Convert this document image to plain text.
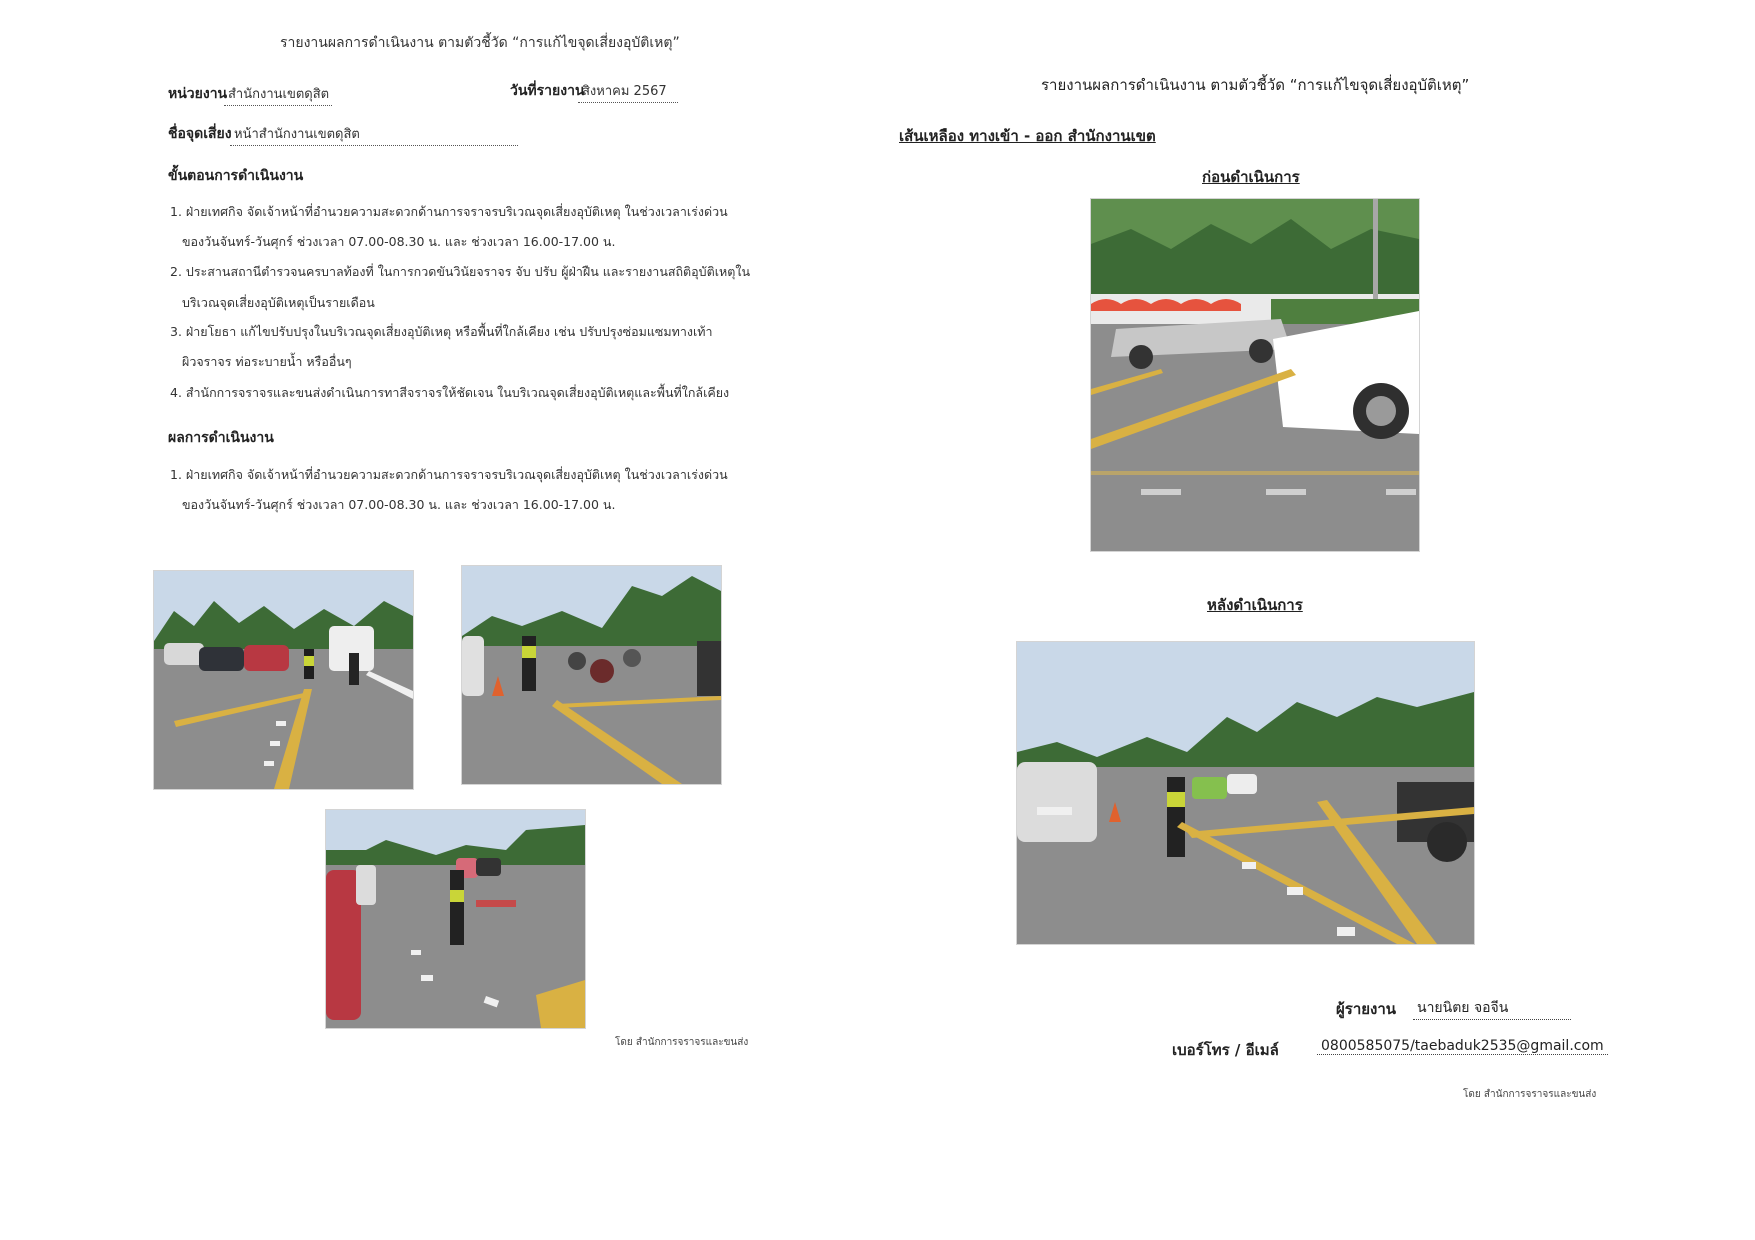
รายงานผลการดำเนินงาน ตามตัวชี้วัด “การแก้ไขจุดเสี่ยงอุบัติเหตุ”
หน่วยงาน สำนักงานเขตดุสิต	วันที่รายงาน
สิงหาคม 2567
ชื่อจุดเสี่ยง หน้าสำนักงานเขตดุสิต
ขั้นตอนการดำเนินงาน
1. ฝ่ายเทศกิจ จัดเจ้าหน้าที่อำนวยความสะดวกด้านการจราจรบริเวณจุดเสี่ยงอุบัติเหตุ ในช่วงเวลาเร่งด่วน
ของวันจันทร์-วันศุกร์ ช่วงเวลา 07.00-08.30 น. และ ช่วงเวลา 16.00-17.00 น.
2. ประสานสถานีตำรวจนครบาลท้องที่ ในการกวดขันวินัยจราจร จับ ปรับ ผู้ฝ่าฝืน และรายงานสถิติอุบัติเหตุใน
บริเวณจุดเสี่ยงอุบัติเหตุเป็นรายเดือน
3. ฝ่ายโยธา แก้ไขปรับปรุงในบริเวณจุดเสี่ยงอุบัติเหตุ หรือพื้นที่ใกล้เคียง เช่น ปรับปรุงซ่อมแซมทางเท้า
ผิวจราจร ท่อระบายน้ำ หรืออื่นๆ
4. สำนักการจราจรและขนส่งดำเนินการทาสีจราจรให้ชัดเจน ในบริเวณจุดเสี่ยงอุบัติเหตุและพื้นที่ใกล้เคียง
ผลการดำเนินงาน
1. ฝ่ายเทศกิจ จัดเจ้าหน้าที่อำนวยความสะดวกด้านการจราจรบริเวณจุดเสี่ยงอุบัติเหตุ ในช่วงเวลาเร่งด่วน
ของวันจันทร์-วันศุกร์ ช่วงเวลา 07.00-08.30 น. และ ช่วงเวลา 16.00-17.00 น.
โดย สำนักการจราจรและขนส่ง
รายงานผลการดำเนินงาน ตามตัวชี้วัด “การแก้ไขจุดเสี่ยงอุบัติเหตุ”
เส้นเหลือง ทางเข้า - ออก สำนักงานเขต
ก่อนดำเนินการ
หลังดำเนินการ
ผู้รายงาน นายนิตย จอจีน
เบอร์โทร / อีเมล์	0800585075/taebaduk2535@gmail.com
โดย สำนักการจราจรและขนส่ง
